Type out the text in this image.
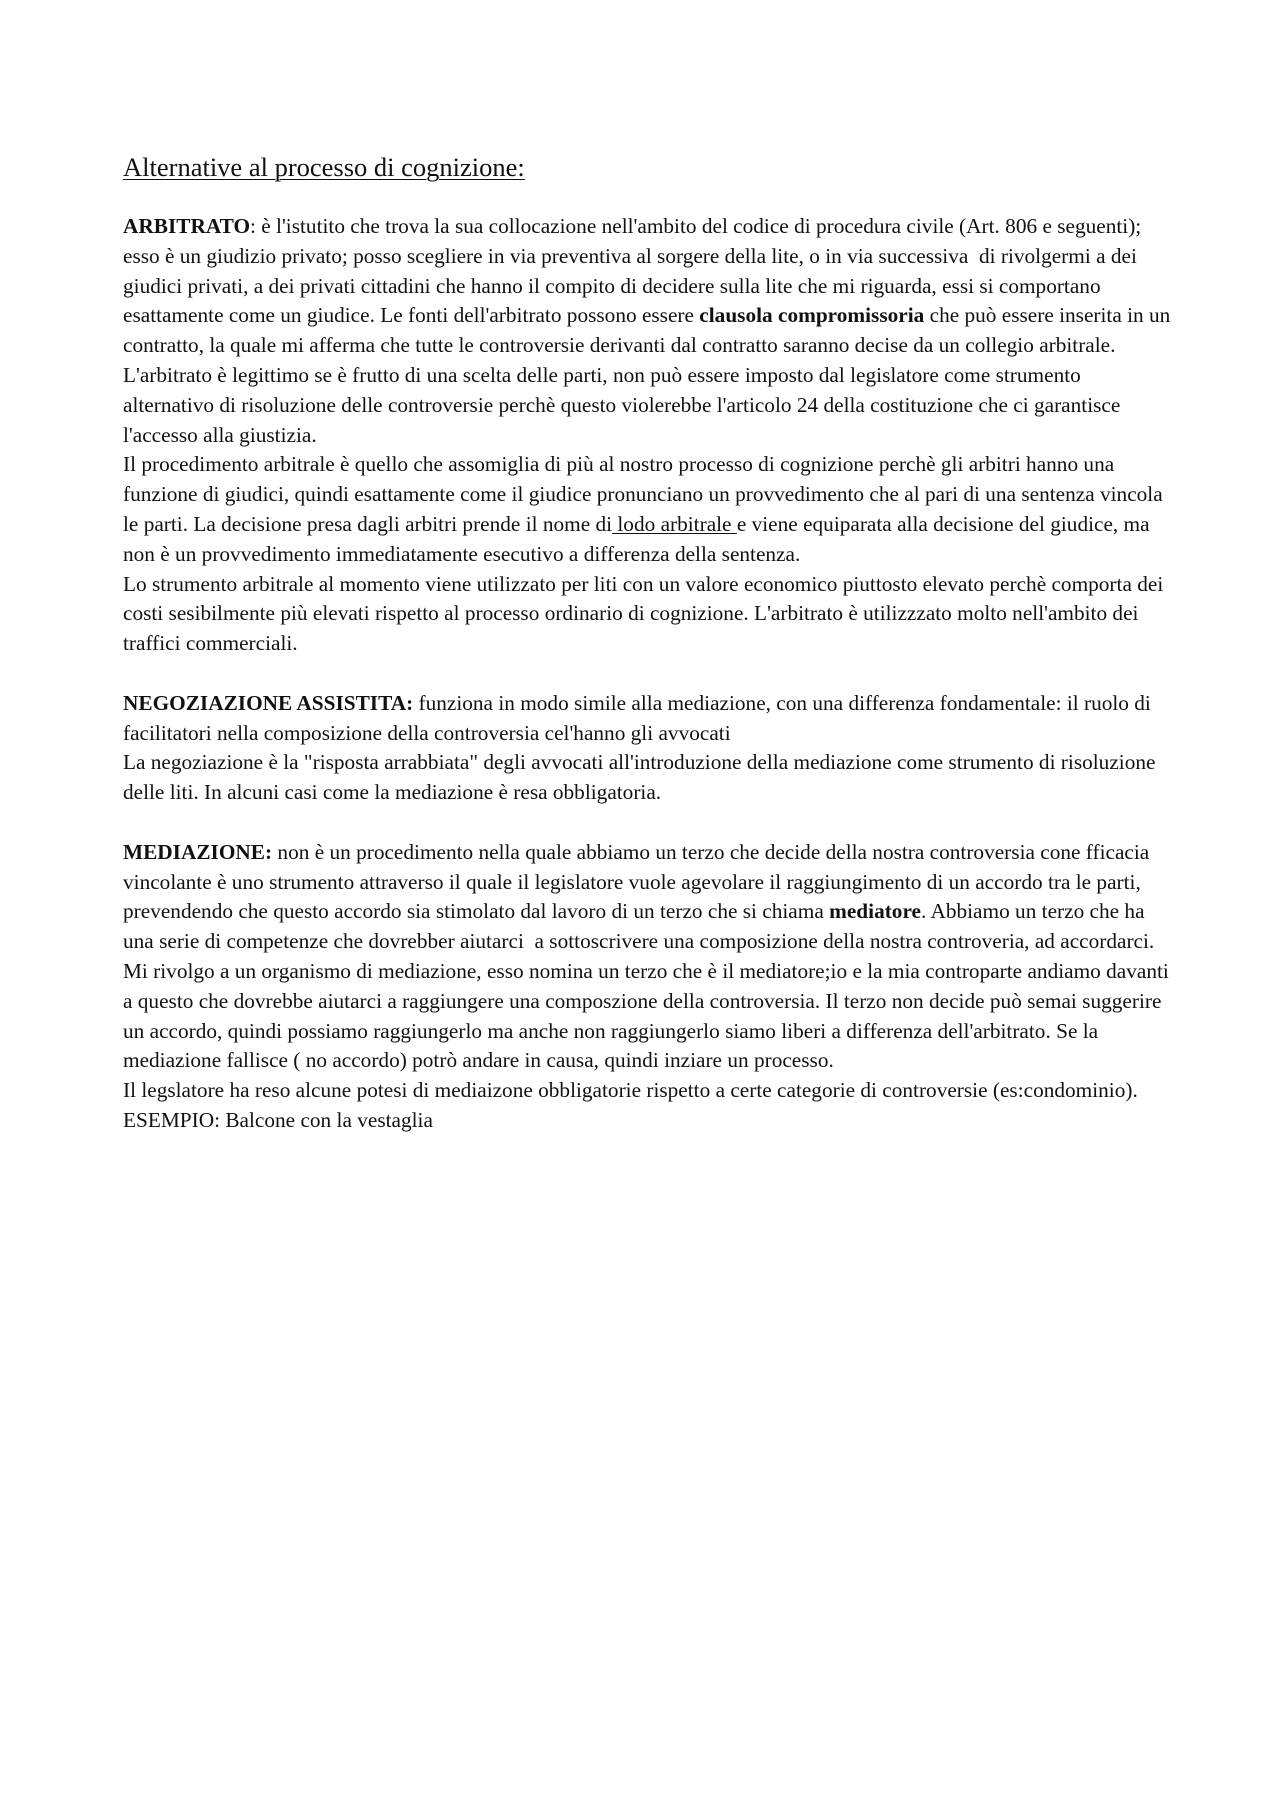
Alternative al processo di cognizione:

ARBITRATO: è l'istutito che trova la sua collocazione nell'ambito del codice di procedura civile (Art. 806 e seguenti); esso è un giudizio privato; posso scegliere in via preventiva al sorgere della lite, o in via successiva  di rivolgermi a dei giudici privati, a dei privati cittadini che hanno il compito di decidere sulla lite che mi riguarda, essi si comportano esattamente come un giudice. Le fonti dell'arbitrato possono essere clausola compromissoria che può essere inserita in un contratto, la quale mi afferma che tutte le controversie derivanti dal contratto saranno decise da un collegio arbitrale. L'arbitrato è legittimo se è frutto di una scelta delle parti, non può essere imposto dal legislatore come strumento alternativo di risoluzione delle controversie perchè questo violerebbe l'articolo 24 della costituzione che ci garantisce l'accesso alla giustizia.

Il procedimento arbitrale è quello che assomiglia di più al nostro processo di cognizione perchè gli arbitri hanno una funzione di giudici, quindi esattamente come il giudice pronunciano un provvedimento che al pari di una sentenza vincola le parti. La decisione presa dagli arbitri prende il nome di lodo arbitrale e viene equiparata alla decisione del giudice, ma non è un provvedimento immediatamente esecutivo a differenza della sentenza.

Lo strumento arbitrale al momento viene utilizzato per liti con un valore economico piuttosto elevato perchè comporta dei costi sesibilmente più elevati rispetto al processo ordinario di cognizione. L'arbitrato è utilizzzato molto nell'ambito dei traffici commerciali.

NEGOZIAZIONE ASSISTITA: funziona in modo simile alla mediazione, con una differenza fondamentale: il ruolo di facilitatori nella composizione della controversia cel'hanno gli avvocati

La negoziazione è la "risposta arrabbiata" degli avvocati all'introduzione della mediazione come strumento di risoluzione delle liti. In alcuni casi come la mediazione è resa obbligatoria.

MEDIAZIONE: non è un procedimento nella quale abbiamo un terzo che decide della nostra controversia cone fficacia vincolante è uno strumento attraverso il quale il legislatore vuole agevolare il raggiungimento di un accordo tra le parti, prevendendo che questo accordo sia stimolato dal lavoro di un terzo che si chiama mediatore. Abbiamo un terzo che ha una serie di competenze che dovrebber aiutarci  a sottoscrivere una composizione della nostra controveria, ad accordarci. Mi rivolgo a un organismo di mediazione, esso nomina un terzo che è il mediatore;io e la mia controparte andiamo davanti a questo che dovrebbe aiutarci a raggiungere una composzione della controversia. Il terzo non decide può semai suggerire un accordo, quindi possiamo raggiungerlo ma anche non raggiungerlo siamo liberi a differenza dell'arbitrato. Se la mediazione fallisce ( no accordo) potrò andare in causa, quindi inziare un processo.

Il legslatore ha reso alcune potesi di mediaizone obbligatorie rispetto a certe categorie di controversie (es:condominio).

ESEMPIO: Balcone con la vestaglia
